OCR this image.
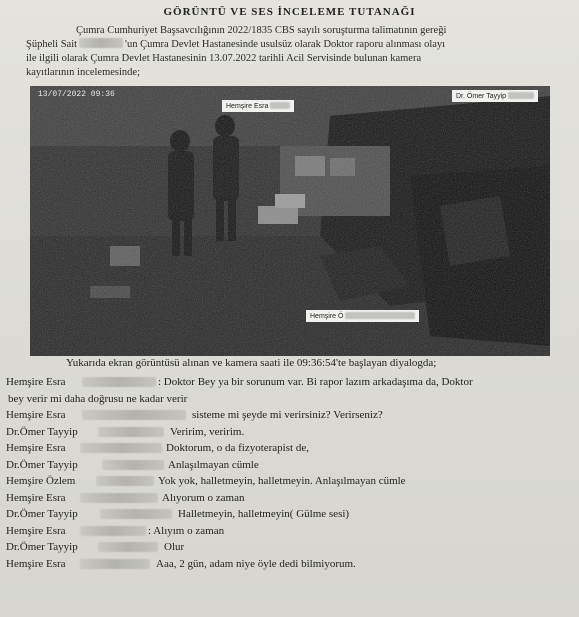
GÖRÜNTÜ VE SES İNCELEME TUTANAĞI
Çumra Cumhuriyet Başsavcılığının 2022/1835 CBS sayılı soruşturma talimatının gereği
Şüpheli Sait	'un Çumra Devlet Hastanesinde usulsüz olarak Doktor raporu alınması olayı
ile ilgili olarak Çumra Devlet Hastanesinin 13.07.2022 tarihli Acil Servisinde bulunan kamera
kayıtlarının incelemesinde;
13/07/2022 09:36
Hemşire Esra
Dr. Ömer Tayyip
Hemşire Ö
Yukarıda ekran görüntüsü alınan ve kamera saati ile 09:36:54'te başlayan diyalogda;
Hemşire Esra	: Doktor Bey ya bir sorunum var. Bi rapor lazım arkadaşıma da, Doktor
bey verir mi daha doğrusu ne kadar verir
Hemşire Esra	sisteme mi şeyde mi verirsiniz? Verirseniz?
Dr.Ömer Tayyip	Veririm, veririm.
Hemşire Esra	Doktorum, o da fizyoterapist de,
Dr.Ömer Tayyip	Anlaşılmayan cümle
Hemşire Özlem	Yok yok, halletmeyin, halletmeyin. Anlaşılmayan cümle
Hemşire Esra	Alıyorum o zaman
Dr.Ömer Tayyip	Halletmeyin, halletmeyin( Gülme sesi)
Hemşire Esra	: Alıyım o zaman
Dr.Ömer Tayyip	Olur
Hemşire Esra	Aaa, 2 gün, adam niye öyle dedi bilmiyorum.
